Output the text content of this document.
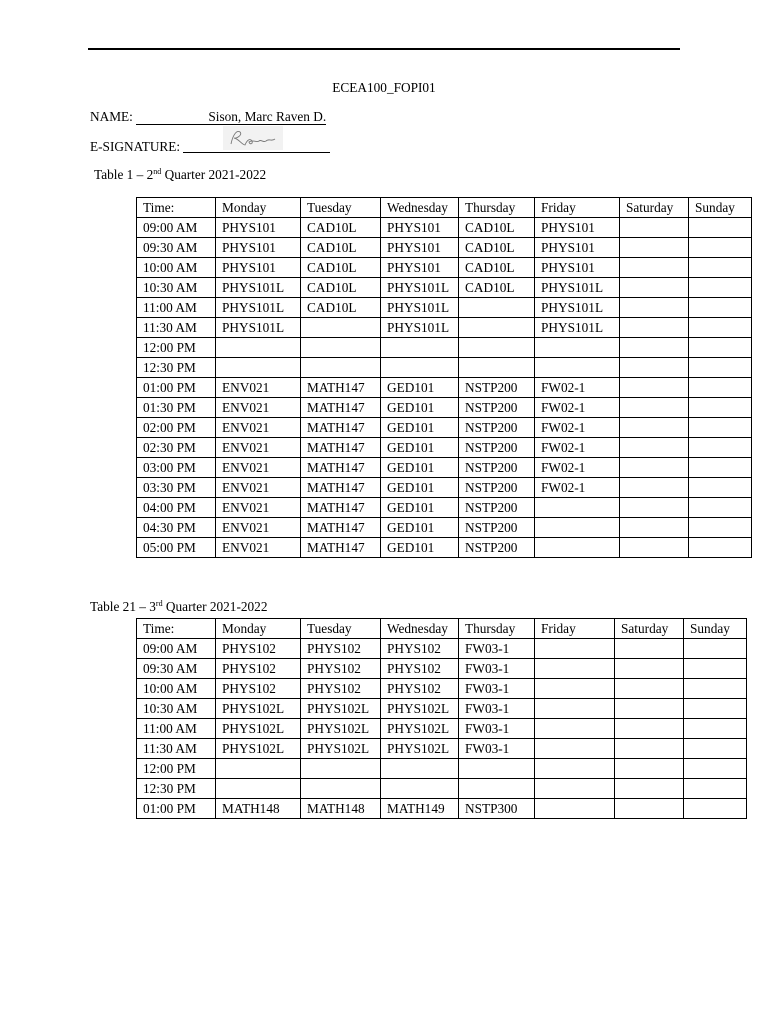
ECEA100_FOPI01
NAME:	Sison, Marc Raven D.
E-SIGNATURE:
Table 1 – 2nd Quarter 2021-2022
Time:	Monday	Tuesday	Wednesday	Thursday	Friday	Saturday	Sunday
09:00 AM	PHYS101	CAD10L	PHYS101	CAD10L	PHYS101		
09:30 AM	PHYS101	CAD10L	PHYS101	CAD10L	PHYS101		
10:00 AM	PHYS101	CAD10L	PHYS101	CAD10L	PHYS101		
10:30 AM	PHYS101L	CAD10L	PHYS101L	CAD10L	PHYS101L		
11:00 AM	PHYS101L	CAD10L	PHYS101L		PHYS101L		
11:30 AM	PHYS101L		PHYS101L		PHYS101L		
12:00 PM							
12:30 PM							
01:00 PM	ENV021	MATH147	GED101	NSTP200	FW02-1		
01:30 PM	ENV021	MATH147	GED101	NSTP200	FW02-1		
02:00 PM	ENV021	MATH147	GED101	NSTP200	FW02-1		
02:30 PM	ENV021	MATH147	GED101	NSTP200	FW02-1		
03:00 PM	ENV021	MATH147	GED101	NSTP200	FW02-1		
03:30 PM	ENV021	MATH147	GED101	NSTP200	FW02-1		
04:00 PM	ENV021	MATH147	GED101	NSTP200			
04:30 PM	ENV021	MATH147	GED101	NSTP200			
05:00 PM	ENV021	MATH147	GED101	NSTP200			
Table 21 – 3rd Quarter 2021-2022
Time:	Monday	Tuesday	Wednesday	Thursday	Friday	Saturday	Sunday
09:00 AM	PHYS102	PHYS102	PHYS102	FW03-1			
09:30 AM	PHYS102	PHYS102	PHYS102	FW03-1			
10:00 AM	PHYS102	PHYS102	PHYS102	FW03-1			
10:30 AM	PHYS102L	PHYS102L	PHYS102L	FW03-1			
11:00 AM	PHYS102L	PHYS102L	PHYS102L	FW03-1			
11:30 AM	PHYS102L	PHYS102L	PHYS102L	FW03-1			
12:00 PM							
12:30 PM							
01:00 PM	MATH148	MATH148	MATH149	NSTP300			
